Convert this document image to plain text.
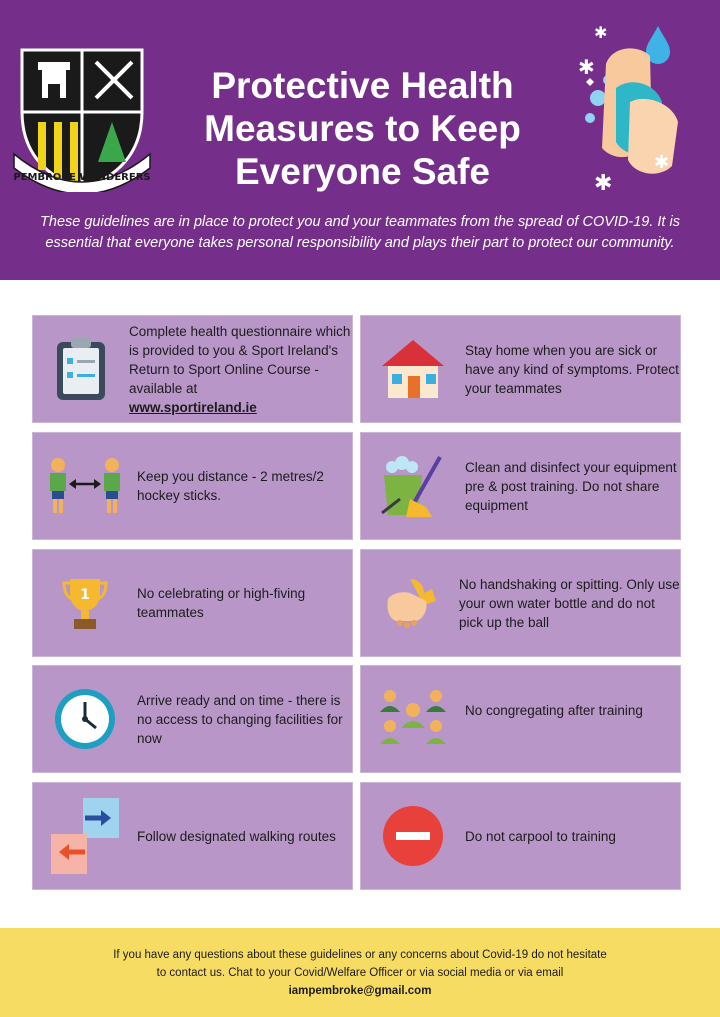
PEMBROKE WANDERERS
Protective Health
Measures to Keep
Everyone Safe
✱
✱
✱
✱
These guidelines are in place to protect you and your teammates from the spread of COVID-19. It is essential that everyone takes personal responsibility and plays their part to protect our community.
Complete health questionnaire which is provided to you & Sport Ireland's Return to Sport Online Course - available at
www.sportireland.ie
Keep you distance - 2 metres/2 hockey sticks.
1	No celebrating or high-fiving teammates
Arrive ready and on time - there is no access to changing facilities for now
Follow designated walking routes
Stay home when you are sick or have any kind of symptoms. Protect your teammates
Clean and disinfect your equipment pre & post training. Do not share equipment
No handshaking or spitting. Only use your own water bottle and do not pick up the ball
No congregating after training
Do not carpool to training
If you have any questions about these guidelines or any concerns about Covid-19 do not hesitate
to contact us. Chat to your Covid/Welfare Officer or via social media or via email
iampembroke@gmail.com
